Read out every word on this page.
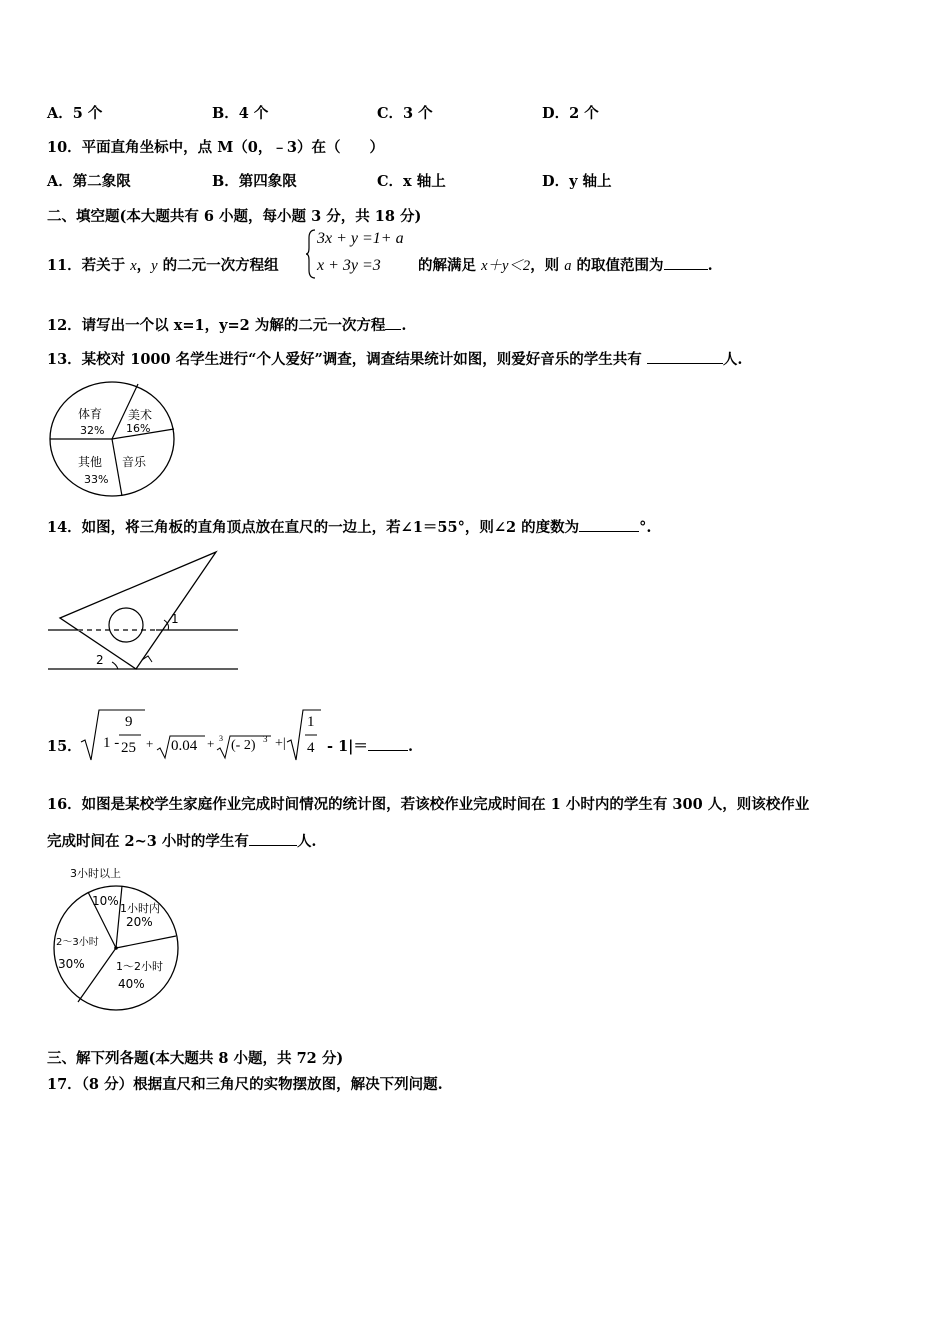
A．5 个	B．4 个	C．3 个	D．2 个
10．平面直角坐标中，点 M（0，﹣3）在（　　）
A．第二象限	B．第四象限	C．x 轴上	D．y 轴上
二、填空题(本大题共有 6 小题，每小题 3 分，共 18 分)
11．若关于 x，y 的二元一次方程组
3x + y =1+ a
x + 3y =3	的解满足 x＋y＜2，则 a 的取值范围为	.
12．请写出一个以 x=1，y=2 为解的二元一次方程 .
13．某校对 1000 名学生进行“个人爱好”调查，调查结果统计如图，则爱好音乐的学生共有	人.
体育
32%
美术
16%
音乐
其他
33%
14．如图，将三角板的直角顶点放在直尺的一边上，若∠1＝55°，则∠2 的度数为	°.
1
2
15． 1 -
9
25 + 0.04 + 3 (- 2) 3 +|
1
4 - 1|＝	.
16．如图是某校学生家庭作业完成时间情况的统计图，若该校作业完成时间在 1 小时内的学生有 300 人，则该校作业
完成时间在 2~3 小时的学生有	人.
3小时以上
10%
1小时内
20%
1～2小时
40%
2～3小时
30%
三、解下列各题(本大题共 8 小题，共 72 分)
17．（8 分）根据直尺和三角尺的实物摆放图，解决下列问题.
